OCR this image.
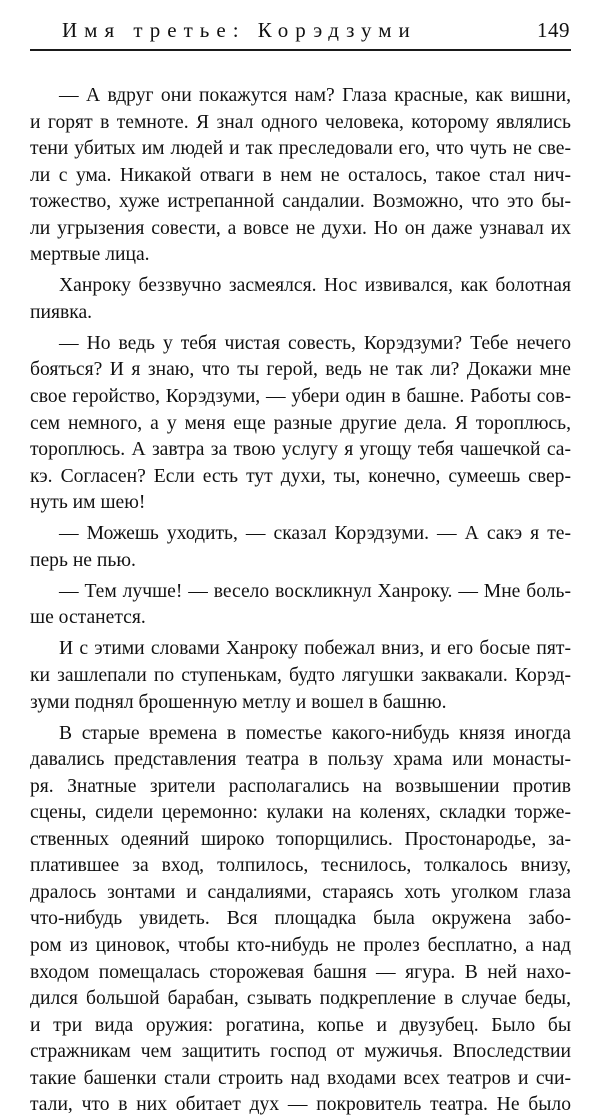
Имя третье: Корэдзуми	149
— А вдруг они покажутся нам? Глаза красные, как вишни,
и горят в темноте. Я знал одного человека, которому являлись
тени убитых им людей и так преследовали его, что чуть не све-
ли с ума. Никакой отваги в нем не осталось, такое стал нич-
тожество, хуже истрепанной сандалии. Возможно, что это бы-
ли угрызения совести, а вовсе не духи. Но он даже узнавал их
мертвые лица.
Ханроку беззвучно засмеялся. Нос извивался, как болотная
пиявка.
— Но ведь у тебя чистая совесть, Корэдзуми? Тебе нечего
бояться? И я знаю, что ты герой, ведь не так ли? Докажи мне
свое геройство, Корэдзуми, — убери один в башне. Работы сов-
сем немного, а у меня еще разные другие дела. Я тороплюсь,
тороплюсь. А завтра за твою услугу я угощу тебя чашечкой са-
кэ. Согласен? Если есть тут духи, ты, конечно, сумеешь свер-
нуть им шею!
— Можешь уходить, — сказал Корэдзуми. — А сакэ я те-
перь не пью.
— Тем лучше! — весело воскликнул Ханроку. — Мне боль-
ше останется.
И с этими словами Ханроку побежал вниз, и его босые пят-
ки зашлепали по ступенькам, будто лягушки заквакали. Корэд-
зуми поднял брошенную метлу и вошел в башню.
В старые времена в поместье какого-нибудь князя иногда
давались представления театра в пользу храма или монасты-
ря. Знатные зрители располагались на возвышении против
сцены, сидели церемонно: кулаки на коленях, складки торже-
ственных одеяний широко топорщились. Простонародье, за-
платившее за вход, толпилось, теснилось, толкалось внизу,
дралось зонтами и сандалиями, стараясь хоть уголком глаза
что-нибудь увидеть. Вся площадка была окружена забо-
ром из циновок, чтобы кто-нибудь не пролез бесплатно, а над
входом помещалась сторожевая башня — ягура. В ней нахо-
дился большой барабан, сзывать подкрепление в случае беды,
и три вида оружия: рогатина, копье и двузубец. Было бы
стражникам чем защитить господ от мужичья. Впоследствии
такие башенки стали строить над входами всех театров и счи-
тали, что в них обитает дух — покровитель театра. Не было
